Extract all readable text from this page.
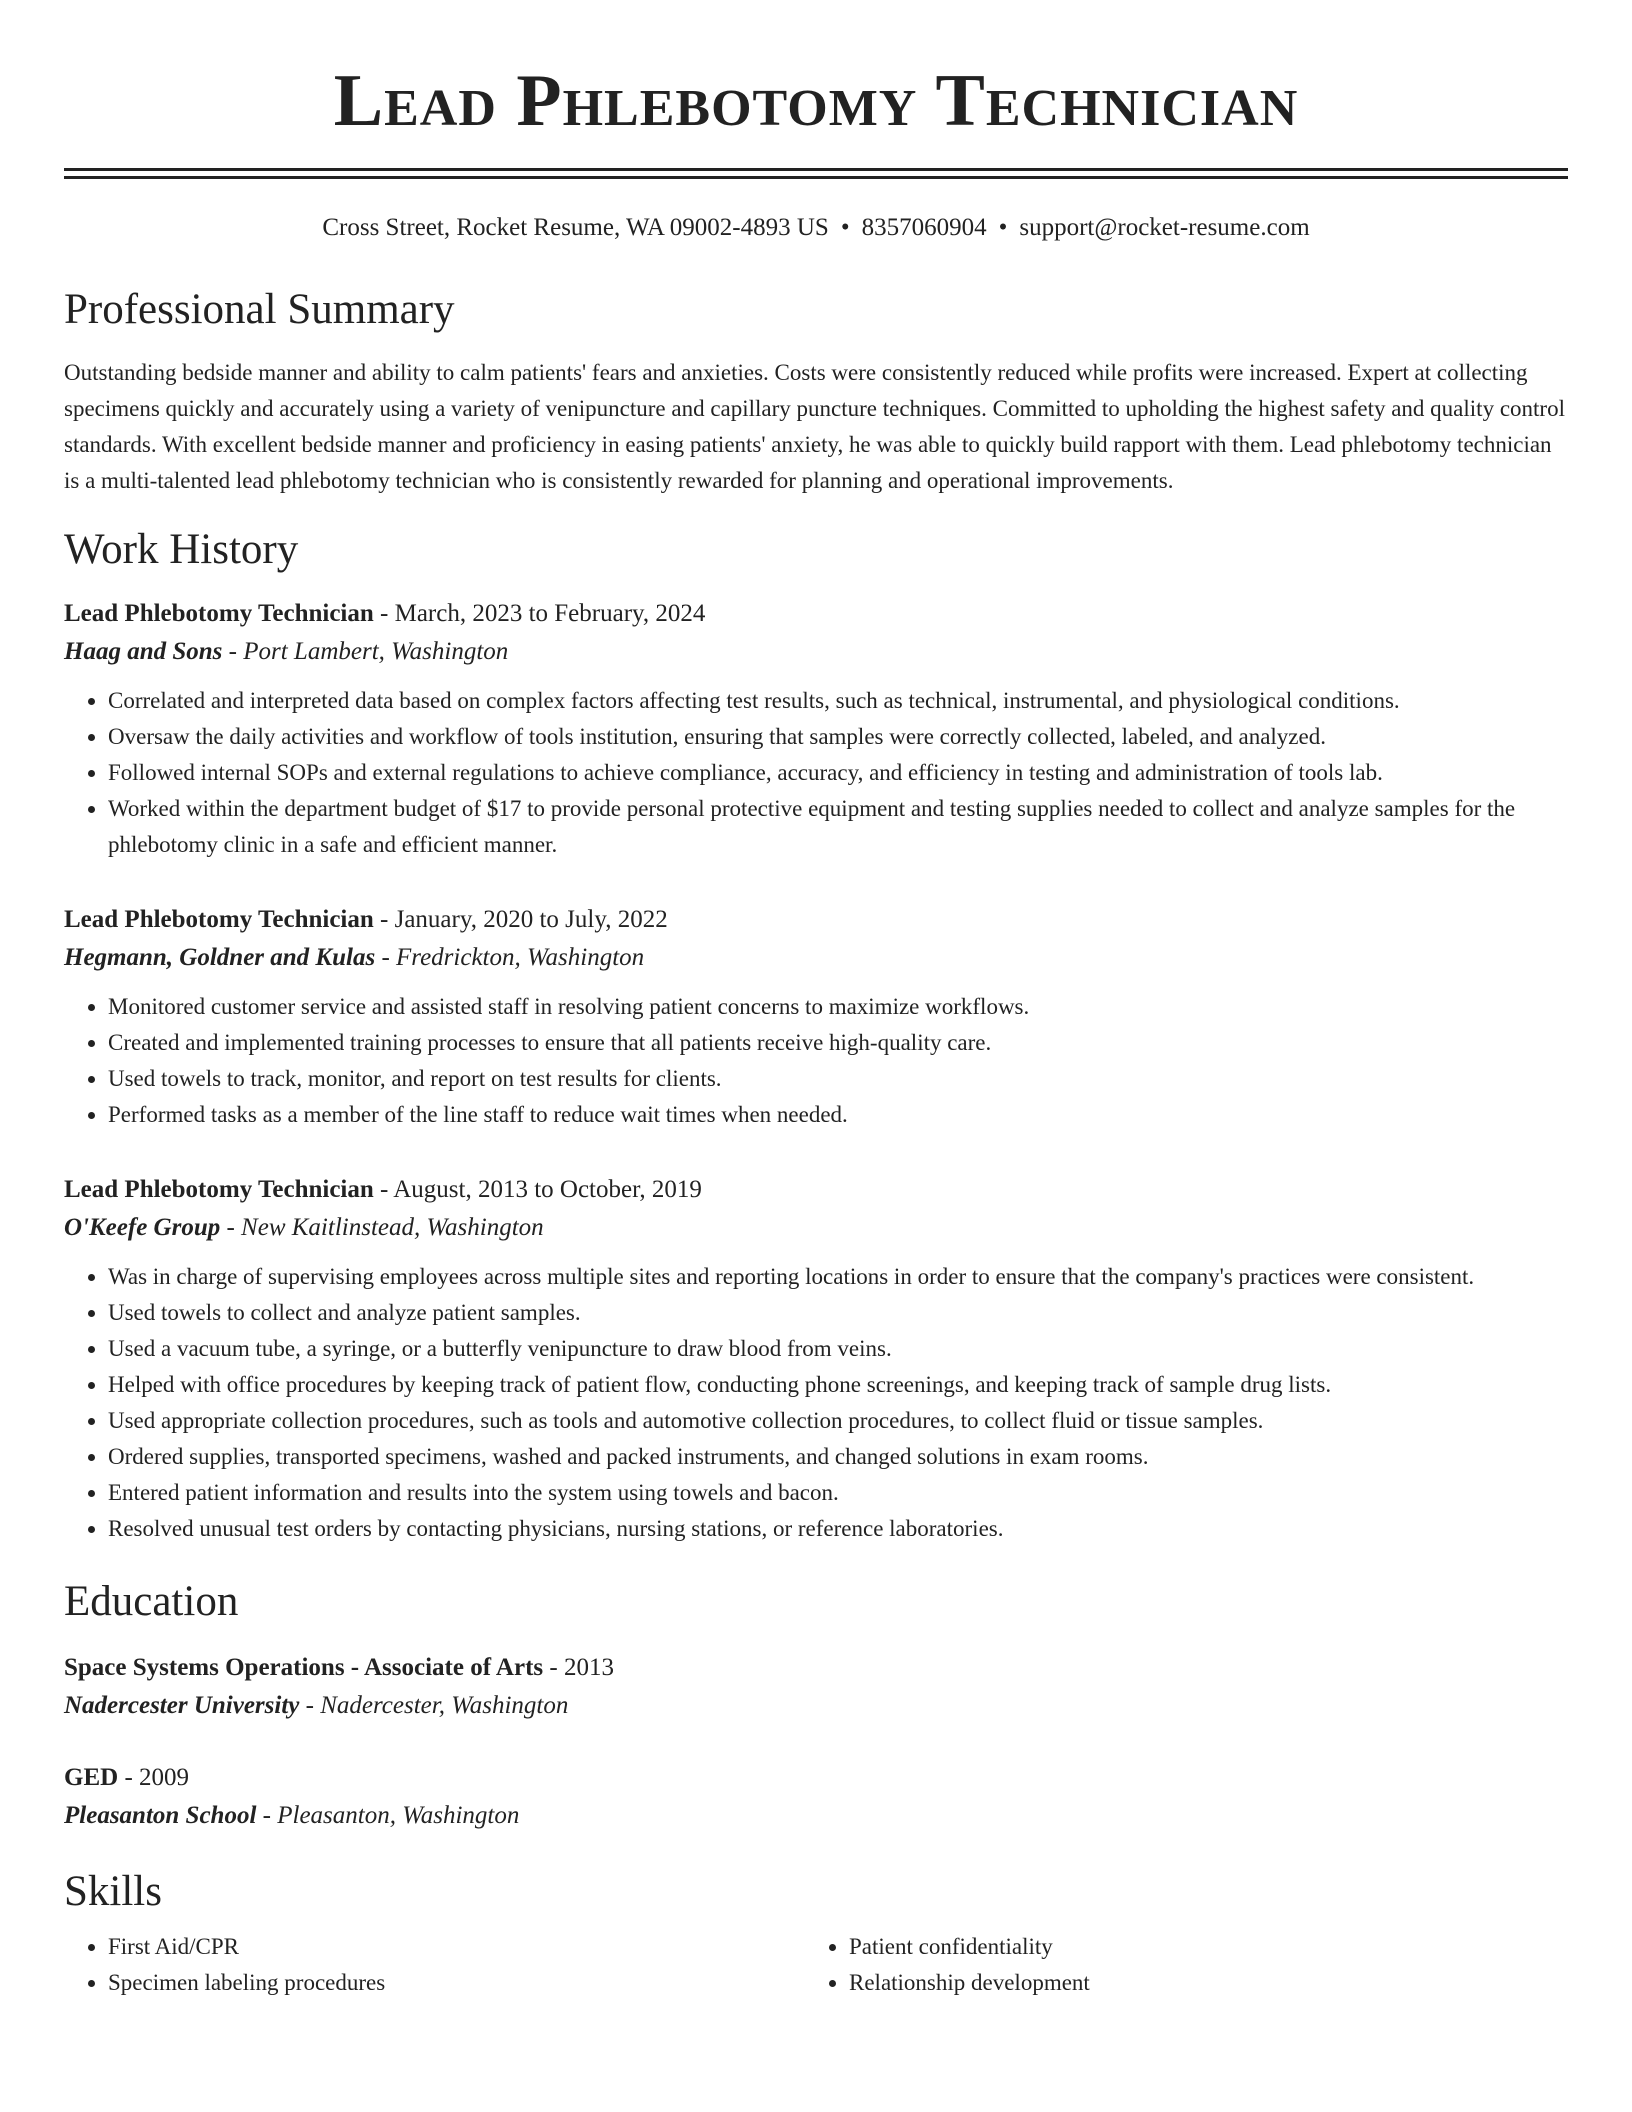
Lead Phlebotomy Technician
Cross Street, Rocket Resume, WA 09002-4893 US • 8357060904 • support@rocket-resume.com
Professional Summary

Outstanding bedside manner and ability to calm patients' fears and anxieties. Costs were consistently reduced while profits were increased. Expert at collecting specimens quickly and accurately using a variety of venipuncture and capillary puncture techniques. Committed to upholding the highest safety and quality control standards. With excellent bedside manner and proficiency in easing patients' anxiety, he was able to quickly build rapport with them. Lead phlebotomy technician is a multi-talented lead phlebotomy technician who is consistently rewarded for planning and operational improvements.

Work History
Lead Phlebotomy Technician - March, 2023 to February, 2024
Haag and Sons - Port Lambert, Washington
• Correlated and interpreted data based on complex factors affecting test results, such as technical, instrumental, and physiological conditions.
• Oversaw the daily activities and workflow of tools institution, ensuring that samples were correctly collected, labeled, and analyzed.
• Followed internal SOPs and external regulations to achieve compliance, accuracy, and efficiency in testing and administration of tools lab.
• Worked within the department budget of $17 to provide personal protective equipment and testing supplies needed to collect and analyze samples for the phlebotomy clinic in a safe and efficient manner.
Lead Phlebotomy Technician - January, 2020 to July, 2022
Hegmann, Goldner and Kulas - Fredrickton, Washington
• Monitored customer service and assisted staff in resolving patient concerns to maximize workflows.
• Created and implemented training processes to ensure that all patients receive high-quality care.
• Used towels to track, monitor, and report on test results for clients.
• Performed tasks as a member of the line staff to reduce wait times when needed.
Lead Phlebotomy Technician - August, 2013 to October, 2019
O'Keefe Group - New Kaitlinstead, Washington
• Was in charge of supervising employees across multiple sites and reporting locations in order to ensure that the company's practices were consistent.
• Used towels to collect and analyze patient samples.
• Used a vacuum tube, a syringe, or a butterfly venipuncture to draw blood from veins.
• Helped with office procedures by keeping track of patient flow, conducting phone screenings, and keeping track of sample drug lists.
• Used appropriate collection procedures, such as tools and automotive collection procedures, to collect fluid or tissue samples.
• Ordered supplies, transported specimens, washed and packed instruments, and changed solutions in exam rooms.
• Entered patient information and results into the system using towels and bacon.
• Resolved unusual test orders by contacting physicians, nursing stations, or reference laboratories.
Education
Space Systems Operations - Associate of Arts - 2013
Nadercester University - Nadercester, Washington
GED - 2009
Pleasanton School - Pleasanton, Washington
Skills
• First Aid/CPR
• Specimen labeling procedures
• Patient confidentiality
• Relationship development
